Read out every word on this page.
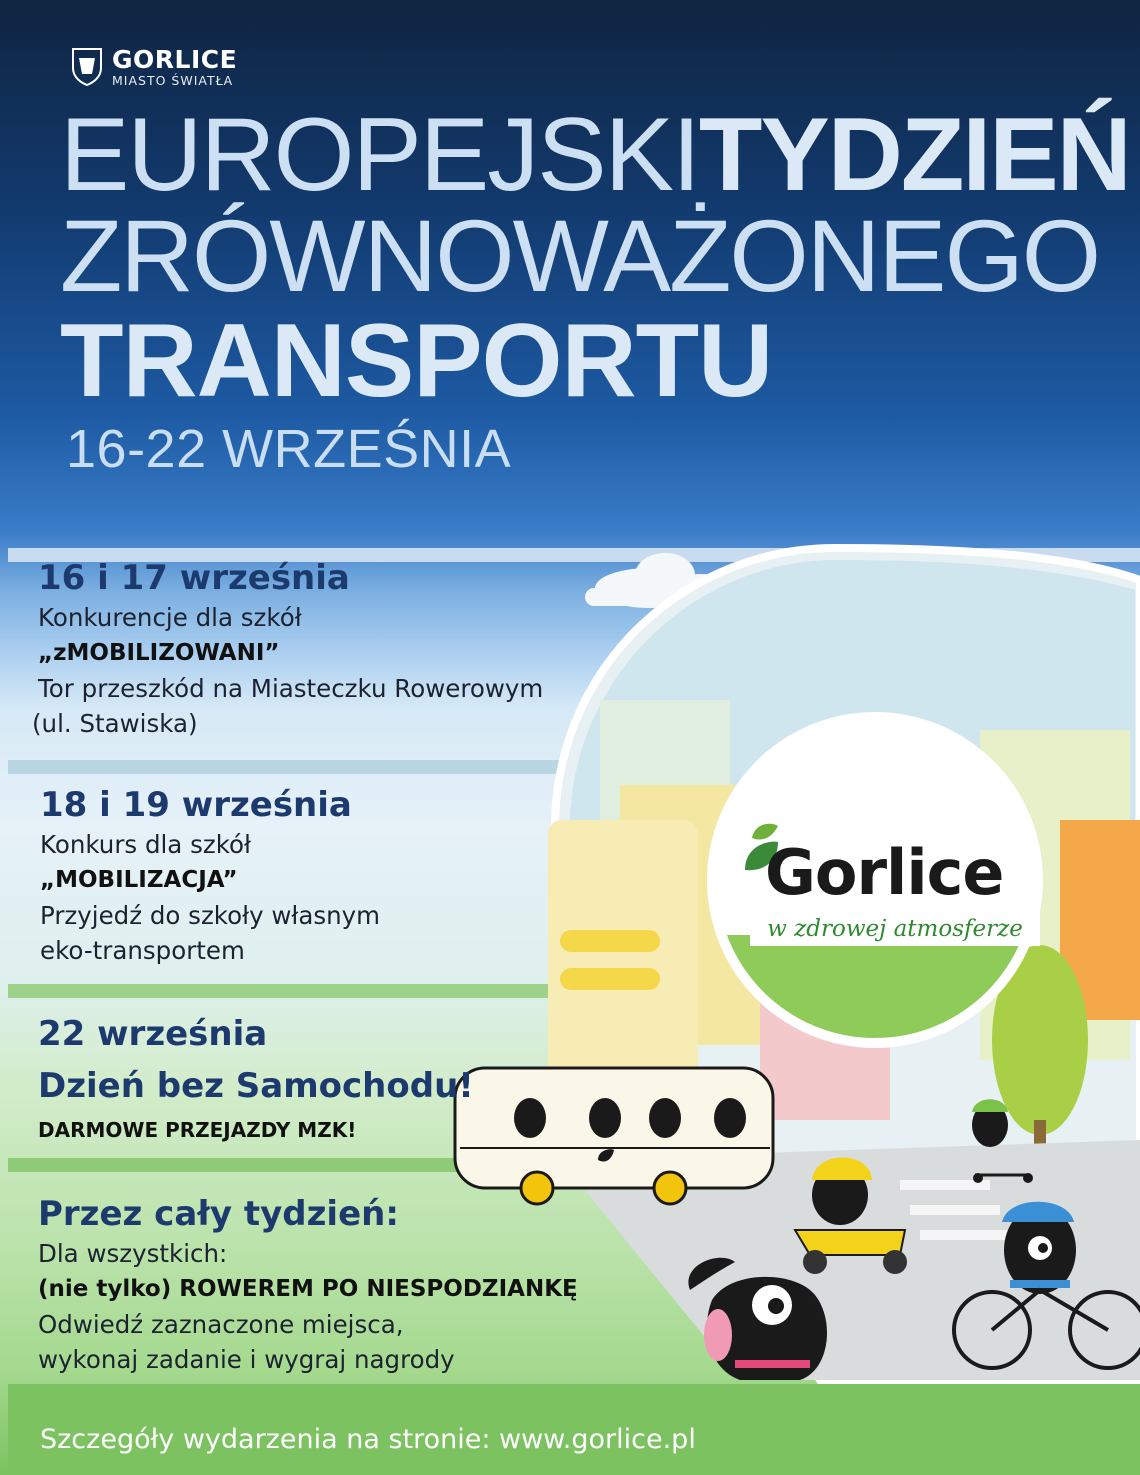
GORLICE
MIASTO ŚWIATŁA
EUROPEJSKITYDZIEŃ
ZRÓWNOWAŻONEGO
TRANSPORTU
16-22 WRZEŚNIA
Gorlice
w zdrowej atmosferze
16 i 17 września
Konkurencje dla szkół
„zMOBILIZOWANI”
Tor przeszkód na Miasteczku Rowerowym
(ul. Stawiska)
18 i 19 września
Konkurs dla szkół
„MOBILIZACJA”
Przyjedź do szkoły własnym
eko-transportem
22 września
Dzień bez Samochodu!
DARMOWE PRZEJAZDY MZK!
Przez cały tydzień:
Dla wszystkich:
(nie tylko) ROWEREM PO NIESPODZIANKĘ
Odwiedź zaznaczone miejsca,
wykonaj zadanie i wygraj nagrody
Szczegóły wydarzenia na stronie: www.gorlice.pl
